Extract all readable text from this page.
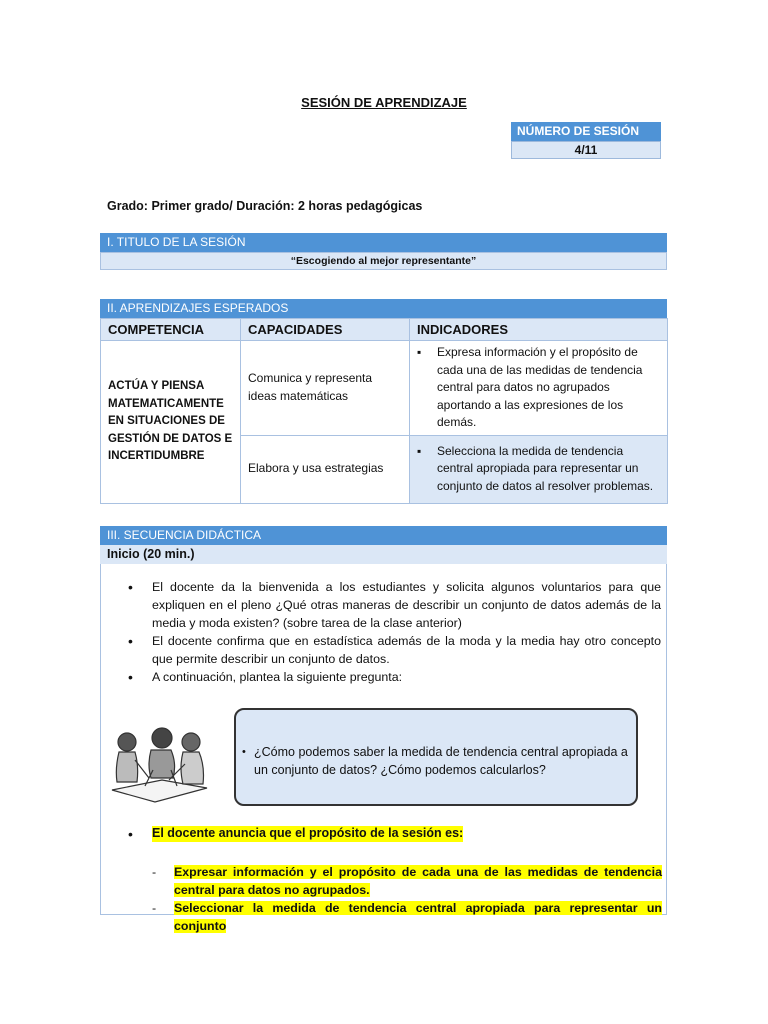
SESIÓN DE APRENDIZAJE
NÚMERO DE SESIÓN
4/11
Grado: Primer grado/ Duración: 2 horas pedagógicas
I. TITULO DE LA SESIÓN
“Escogiendo al mejor representante”
II. APRENDIZAJES ESPERADOS
COMPETENCIA	CAPACIDADES	INDICADORES
ACTÚA Y PIENSA MATEMATICAMENTE EN SITUACIONES DE GESTIÓN DE DATOS E INCERTIDUMBRE	Comunica y representa ideas matemáticas	▪ Expresa información y el propósito de cada una de las medidas de tendencia central para datos no agrupados aportando a las expresiones de los demás.

	Elabora y usa estrategias	▪ Selecciona la medida de tendencia central apropiada para representar un conjunto de datos al resolver problemas.
III. SECUENCIA DIDÁCTICA
Inicio (20 min.)
•	El docente da la bienvenida a los estudiantes y solicita algunos voluntarios para que expliquen en el pleno ¿Qué otras maneras de describir un conjunto de datos además de la media y moda existen? (sobre tarea de la clase anterior)
•	El docente confirma que en estadística además de la moda y la media hay otro concepto que permite describir un conjunto de datos.
•	A continuación, plantea la siguiente pregunta:
• ¿Cómo podemos saber la medida de tendencia central apropiada a un conjunto de datos? ¿Cómo podemos calcularlos?
•	El docente anuncia que el propósito de la sesión es:
-	Expresar información y el propósito de cada una de las medidas de tendencia central para datos no agrupados.
-	Seleccionar la medida de tendencia central apropiada para representar un conjunto
